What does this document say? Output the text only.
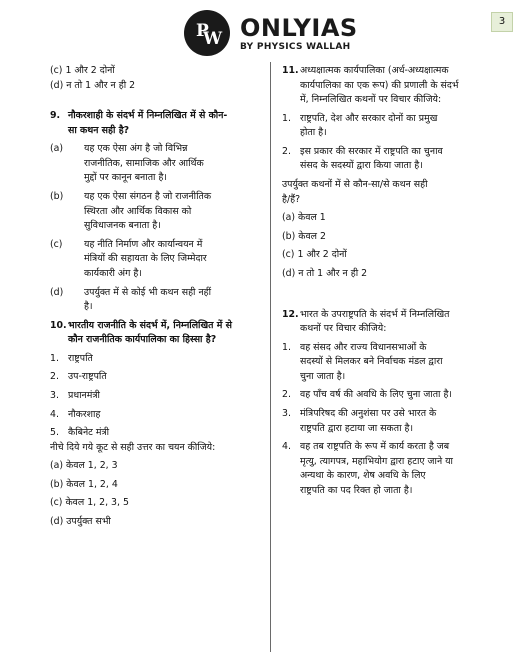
P
W ONLYIAS
BY PHYSICS WALLAH
3
(c) 1 और 2 दोनों
(d) न तो 1 और न ही 2
9. नौकरशाही के संदर्भ में निम्नलिखित में से कौन-
सा कथन सही है?
(a) यह एक ऐसा अंग है जो विभिन्न
राजनीतिक, सामाजिक और आर्थिक
मुद्दों पर कानून बनाता है।
(b) यह एक ऐसा संगठन है जो राजनीतिक
स्थिरता और आर्थिक विकास को
सुविधाजनक बनाता है।
(c) यह नीति निर्माण और कार्यान्वयन में
मंत्रियों की सहायता के लिए जिम्मेदार
कार्यकारी अंग है।
(d) उपर्युक्त में से कोई भी कथन सही नहीं
है।
10. भारतीय राजनीति के संदर्भ में, निम्नलिखित में से
कौन राजनीतिक कार्यपालिका का हिस्सा है?
1. राष्ट्रपति
2. उप-राष्ट्रपति
3. प्रधानमंत्री
4. नौकरशाह
5. कैबिनेट मंत्री
नीचे दिये गये कूट से सही उत्तर का चयन कीजिये:
(a) केवल 1, 2, 3
(b) केवल 1, 2, 4
(c) केवल 1, 2, 3, 5
(d) उपर्युक्त सभी
11. अध्यक्षात्मक कार्यपालिका (अर्ध-अध्यक्षात्मक
कार्यपालिका का एक रूप) की प्रणाली के संदर्भ
में, निम्नलिखित कथनों पर विचार कीजिये:
1. राष्ट्रपति, देश और सरकार दोनों का प्रमुख
होता है।
2. इस प्रकार की सरकार में राष्ट्रपति का चुनाव
संसद के सदस्यों द्वारा किया जाता है।
उपर्युक्त कथनों में से कौन-सा/से कथन सही
है/हैं?
(a) केवल 1
(b) केवल 2
(c) 1 और 2 दोनों
(d) न तो 1 और न ही 2
12. भारत के उपराष्ट्रपति के संदर्भ में निम्नलिखित
कथनों पर विचार कीजिये:
1. वह संसद और राज्य विधानसभाओं के
सदस्यों से मिलकर बने निर्वाचक मंडल द्वारा
चुना जाता है।
2. वह पाँच वर्ष की अवधि के लिए चुना जाता है।
3. मंत्रिपरिषद की अनुशंसा पर उसे भारत के
राष्ट्रपति द्वारा हटाया जा सकता है।
4. वह तब राष्ट्रपति के रूप में कार्य करता है जब
मृत्यु, त्यागपत्र, महाभियोग द्वारा हटाए जाने या
अन्यथा के कारण, शेष अवधि के लिए
राष्ट्रपति का पद रिक्त हो जाता है।
